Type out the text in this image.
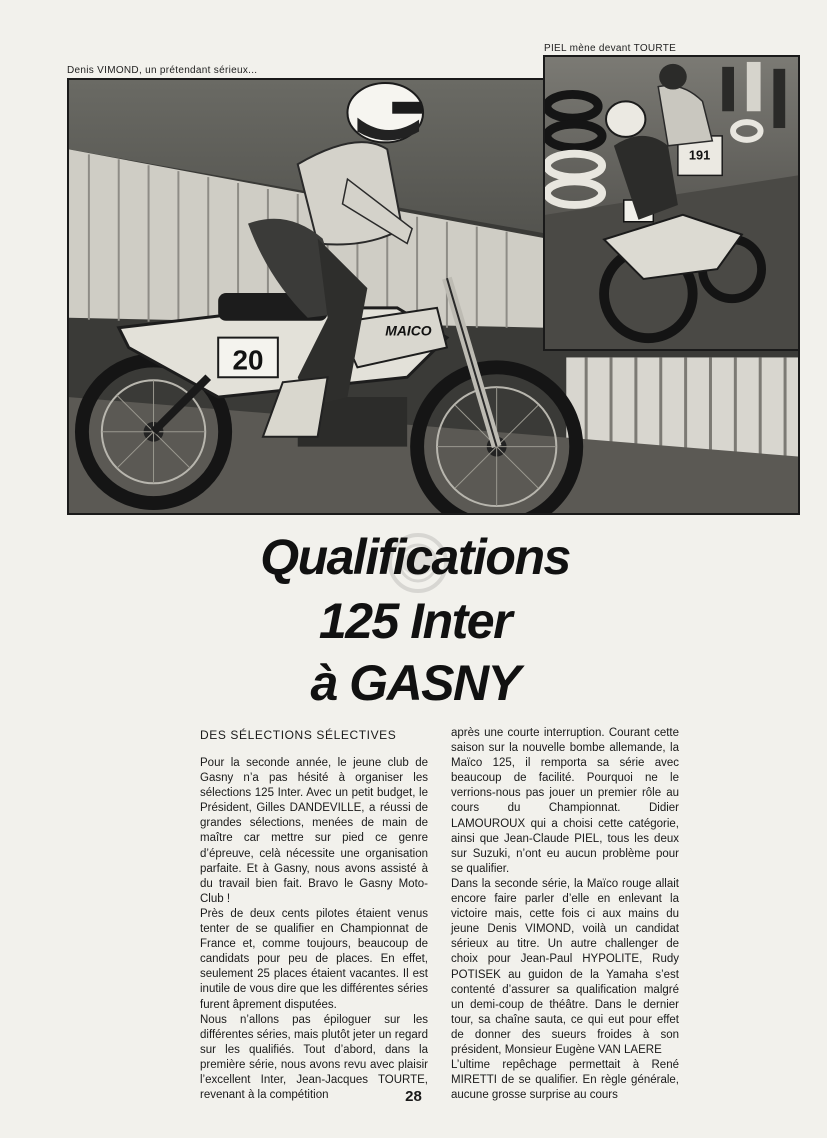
Denis VIMOND, un prétendant sérieux...
PIEL mène devant TOURTE
20
MAICO
191
Qualifications
125 Inter
à GASNY
DES SÉLECTIONS SÉLECTIVES

Pour la seconde année, le jeune club de Gasny n’a pas hésité à organiser les sélections 125 Inter. Avec un petit budget, le Président, Gilles DANDEVILLE, a réussi de grandes sélections, menées de main de maître car mettre sur pied ce genre d’épreuve, celà nécessite une organisation parfaite. Et à Gasny, nous avons assisté à du travail bien fait. Bravo le Gasny Moto-Club !

Près de deux cents pilotes étaient venus tenter de se qualifier en Championnat de France et, comme toujours, beaucoup de candidats pour peu de places. En effet, seulement 25 places étaient vacantes. Il est inutile de vous dire que les différentes séries furent âprement disputées.

Nous n’allons pas épiloguer sur les différentes séries, mais plutôt jeter un regard sur les qualifiés. Tout d’abord, dans la première série, nous avons revu avec plaisir l’excellent Inter, Jean-Jacques TOURTE, revenant à la compétition

après une courte interruption. Courant cette saison sur la nouvelle bombe allemande, la Maïco 125, il remporta sa série avec beaucoup de facilité. Pourquoi ne le verrions-nous pas jouer un premier rôle au cours du Championnat. Didier LAMOUROUX qui a choisi cette catégorie, ainsi que Jean-Claude PIEL, tous les deux sur Suzuki, n’ont eu aucun problème pour se qualifier.

Dans la seconde série, la Maïco rouge allait encore faire parler d’elle en enlevant la victoire mais, cette fois ci aux mains du jeune Denis VIMOND, voilà un candidat sérieux au titre. Un autre challenger de choix pour Jean-Paul HYPOLITE, Rudy POTISEK au guidon de la Yamaha s’est contenté d’assurer sa qualification malgré un demi-coup de théâtre. Dans le dernier tour, sa chaîne sauta, ce qui eut pour effet de donner des sueurs froides à son président, Monsieur Eugène VAN LAERE

L’ultime repêchage permettait à René MIRETTI de se qualifier. En règle générale, aucune grosse surprise au cours

28
